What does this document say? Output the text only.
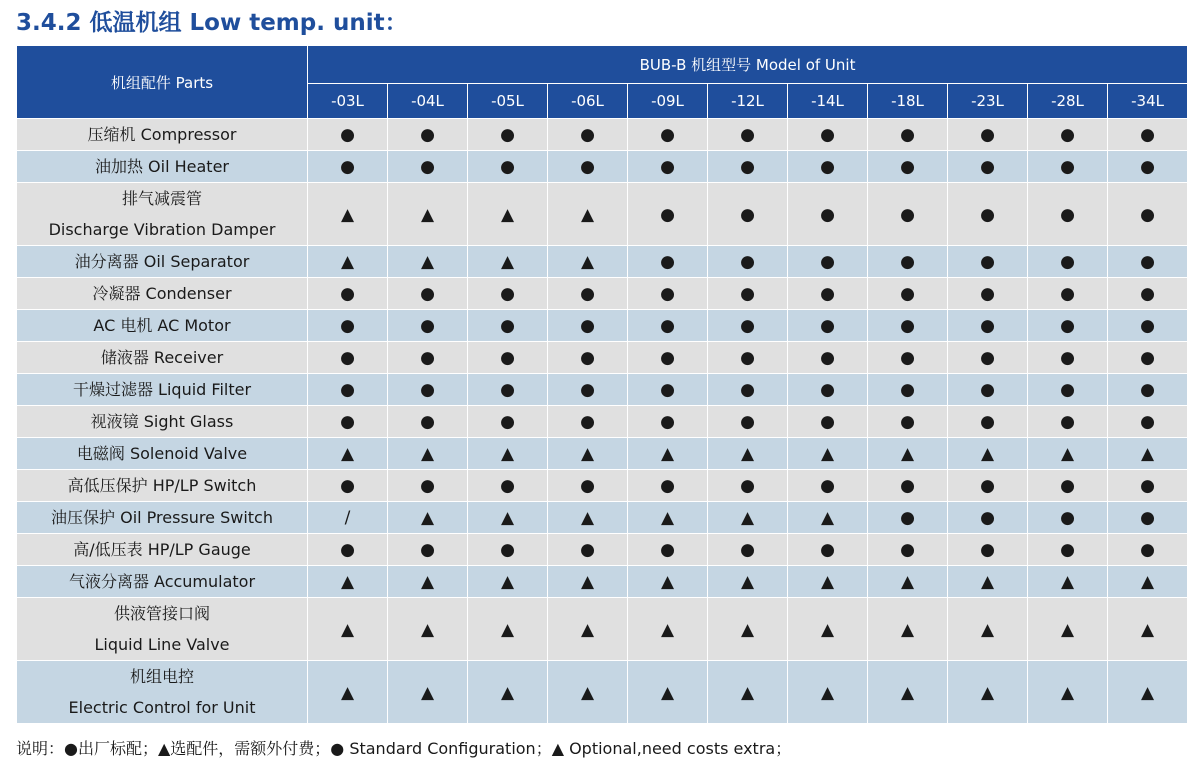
3.4.2 低温机组 Low temp. unit：
机组配件 Parts	BUB-B 机组型号 Model of Unit										
	-03L	-04L	-05L	-06L	-09L	-12L	-14L	-18L	-23L	-28L	-34L

压缩机 Compressor	●	●	●	●	●	●	●	●	●	●	●

油加热 Oil Heater	●	●	●	●	●	●	●	●	●	●	●

排气减震管
Discharge Vibration Damper	▲	▲	▲	▲	●	●	●	●	●	●	●

油分离器 Oil Separator	▲	▲	▲	▲	●	●	●	●	●	●	●

冷凝器 Condenser	●	●	●	●	●	●	●	●	●	●	●

AC 电机 AC Motor	●	●	●	●	●	●	●	●	●	●	●

储液器 Receiver	●	●	●	●	●	●	●	●	●	●	●

干燥过滤器 Liquid Filter	●	●	●	●	●	●	●	●	●	●	●

视液镜 Sight Glass	●	●	●	●	●	●	●	●	●	●	●

电磁阀 Solenoid Valve	▲	▲	▲	▲	▲	▲	▲	▲	▲	▲	▲

高低压保护 HP/LP Switch	●	●	●	●	●	●	●	●	●	●	●

油压保护 Oil Pressure Switch	/	▲	▲	▲	▲	▲	▲	●	●	●	●

高/低压表 HP/LP Gauge	●	●	●	●	●	●	●	●	●	●	●

气液分离器 Accumulator	▲	▲	▲	▲	▲	▲	▲	▲	▲	▲	▲

供液管接口阀
Liquid Line Valve	▲	▲	▲	▲	▲	▲	▲	▲	▲	▲	▲

机组电控
Electric Control for Unit	▲	▲	▲	▲	▲	▲	▲	▲	▲	▲	▲
说明：●出厂标配；▲选配件，需额外付费；● Standard Configuration；▲ Optional,need costs extra；
